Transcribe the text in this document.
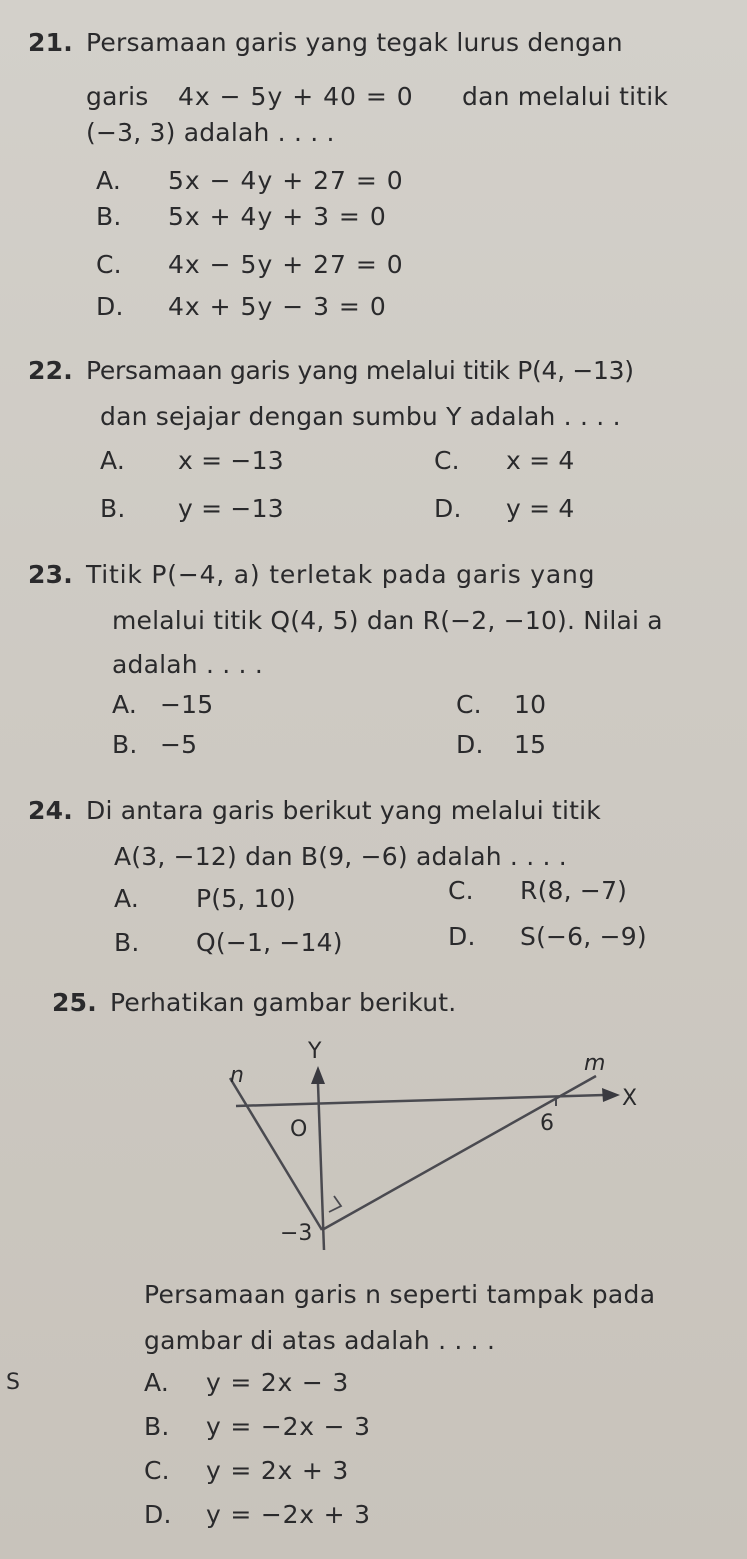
21. Persamaan garis yang tegak lurus dengan
garis 4x − 5y + 40 = 0 dan melalui titik
(−3, 3) adalah . . . .
A. 5x − 4y + 27 = 0
B. 5x + 4y + 3 = 0
C. 4x − 5y + 27 = 0
D. 4x + 5y − 3 = 0
22. Persamaan garis yang melalui titik P(4, −13)
dan sejajar dengan sumbu Y adalah . . . .
A. x = −13
B. y = −13
C. x = 4
D. y = 4
23. Titik P(−4, a) terletak pada garis yang
melalui titik Q(4, 5) dan R(−2, −10). Nilai a
adalah . . . .
A. −15
B. −5
C. 10
D. 15
24. Di antara garis berikut yang melalui titik
A(3, −12) dan B(9, −6) adalah . . . .
A. P(5, 10)
B. Q(−1, −14)
C. R(8, −7)
D. S(−6, −9)
25. Perhatikan gambar berikut.
n
Y	m
X
O	6
−3
Persamaan garis n seperti tampak pada
gambar di atas adalah . . . .
S	A. y = 2x − 3
B. y = −2x − 3
C. y = 2x + 3
D. y = −2x + 3
